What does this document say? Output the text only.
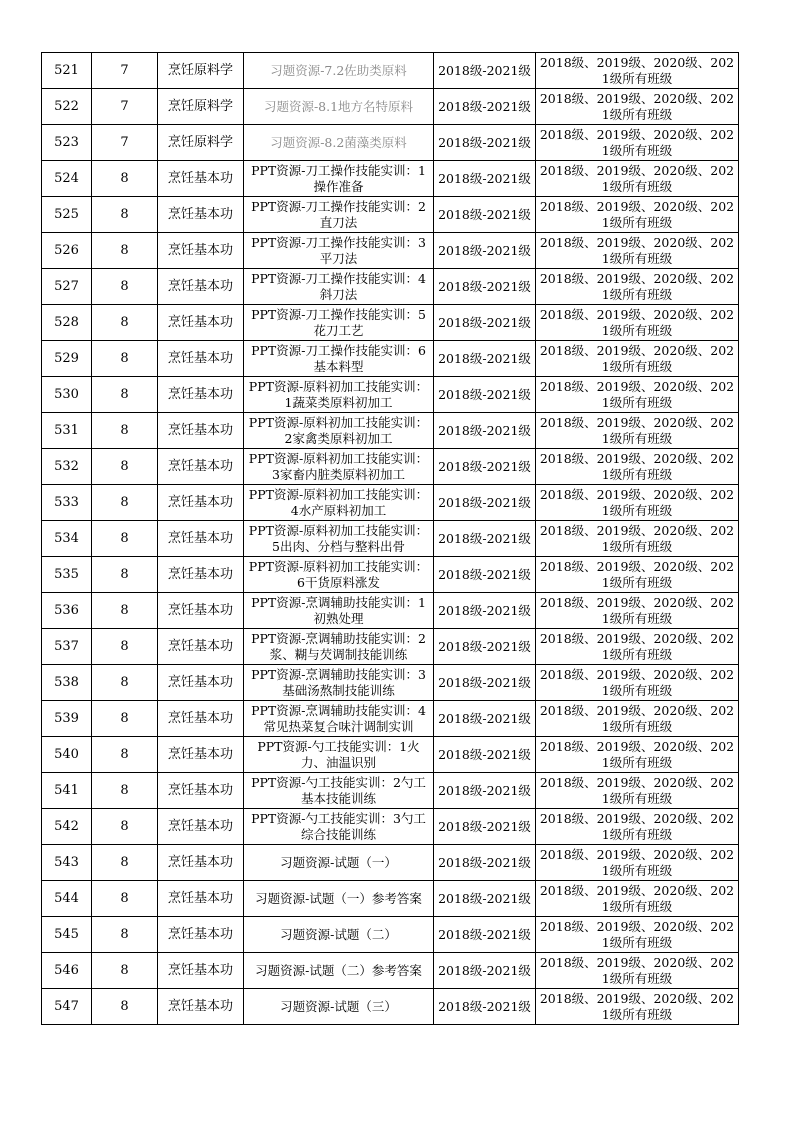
521	7	烹饪原料学	习题资源-7.2佐助类原料	2018级-2021级	2018级、2019级、2020级、2021级所有班级
522	7	烹饪原料学	习题资源-8.1地方名特原料	2018级-2021级	2018级、2019级、2020级、2021级所有班级
523	7	烹饪原料学	习题资源-8.2菌藻类原料	2018级-2021级	2018级、2019级、2020级、2021级所有班级
524	8	烹饪基本功	PPT资源-刀工操作技能实训：1操作准备	2018级-2021级	2018级、2019级、2020级、2021级所有班级
525	8	烹饪基本功	PPT资源-刀工操作技能实训：2直刀法	2018级-2021级	2018级、2019级、2020级、2021级所有班级
526	8	烹饪基本功	PPT资源-刀工操作技能实训：3平刀法	2018级-2021级	2018级、2019级、2020级、2021级所有班级
527	8	烹饪基本功	PPT资源-刀工操作技能实训：4斜刀法	2018级-2021级	2018级、2019级、2020级、2021级所有班级
528	8	烹饪基本功	PPT资源-刀工操作技能实训：5花刀工艺	2018级-2021级	2018级、2019级、2020级、2021级所有班级
529	8	烹饪基本功	PPT资源-刀工操作技能实训：6基本料型	2018级-2021级	2018级、2019级、2020级、2021级所有班级
530	8	烹饪基本功	PPT资源-原料初加工技能实训：1蔬菜类原料初加工	2018级-2021级	2018级、2019级、2020级、2021级所有班级
531	8	烹饪基本功	PPT资源-原料初加工技能实训：2家禽类原料初加工	2018级-2021级	2018级、2019级、2020级、2021级所有班级
532	8	烹饪基本功	PPT资源-原料初加工技能实训：3家畜内脏类原料初加工	2018级-2021级	2018级、2019级、2020级、2021级所有班级
533	8	烹饪基本功	PPT资源-原料初加工技能实训：4水产原料初加工	2018级-2021级	2018级、2019级、2020级、2021级所有班级
534	8	烹饪基本功	PPT资源-原料初加工技能实训：5出肉、分档与整料出骨	2018级-2021级	2018级、2019级、2020级、2021级所有班级
535	8	烹饪基本功	PPT资源-原料初加工技能实训：6干货原料涨发	2018级-2021级	2018级、2019级、2020级、2021级所有班级
536	8	烹饪基本功	PPT资源-烹调辅助技能实训：1初熟处理	2018级-2021级	2018级、2019级、2020级、2021级所有班级
537	8	烹饪基本功	PPT资源-烹调辅助技能实训：2浆、糊与芡调制技能训练	2018级-2021级	2018级、2019级、2020级、2021级所有班级
538	8	烹饪基本功	PPT资源-烹调辅助技能实训：3基础汤熬制技能训练	2018级-2021级	2018级、2019级、2020级、2021级所有班级
539	8	烹饪基本功	PPT资源-烹调辅助技能实训：4常见热菜复合味汁调制实训	2018级-2021级	2018级、2019级、2020级、2021级所有班级
540	8	烹饪基本功	PPT资源-勺工技能实训：1火力、油温识别	2018级-2021级	2018级、2019级、2020级、2021级所有班级
541	8	烹饪基本功	PPT资源-勺工技能实训：2勺工基本技能训练	2018级-2021级	2018级、2019级、2020级、2021级所有班级
542	8	烹饪基本功	PPT资源-勺工技能实训：3勺工综合技能训练	2018级-2021级	2018级、2019级、2020级、2021级所有班级
543	8	烹饪基本功	习题资源-试题（一）	2018级-2021级	2018级、2019级、2020级、2021级所有班级
544	8	烹饪基本功	习题资源-试题（一）参考答案	2018级-2021级	2018级、2019级、2020级、2021级所有班级
545	8	烹饪基本功	习题资源-试题（二）	2018级-2021级	2018级、2019级、2020级、2021级所有班级
546	8	烹饪基本功	习题资源-试题（二）参考答案	2018级-2021级	2018级、2019级、2020级、2021级所有班级
547	8	烹饪基本功	习题资源-试题（三）	2018级-2021级	2018级、2019级、2020级、2021级所有班级
